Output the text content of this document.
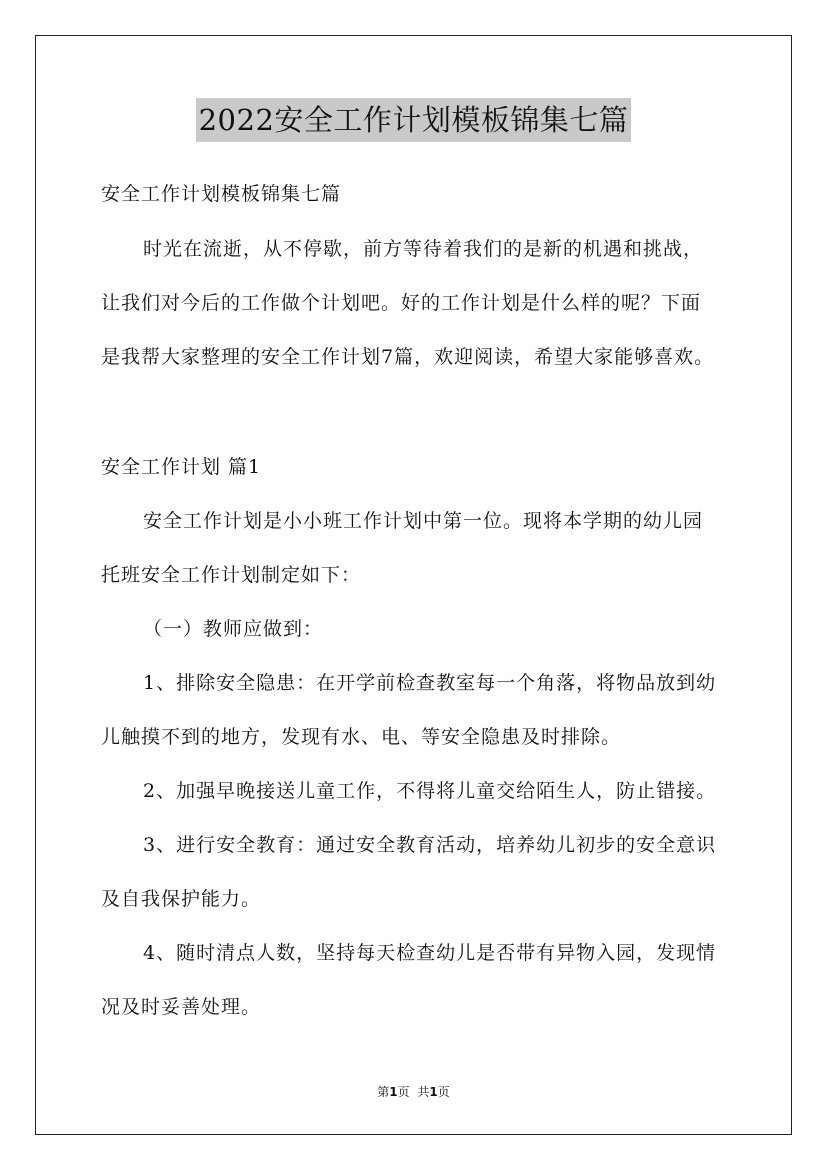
2022安全工作计划模板锦集七篇
安全工作计划模板锦集七篇
时光在流逝，从不停歇，前方等待着我们的是新的机遇和挑战，
让我们对今后的工作做个计划吧。好的工作计划是什么样的呢？下面
是我帮大家整理的安全工作计划7篇，欢迎阅读，希望大家能够喜欢。
安全工作计划 篇1
安全工作计划是小小班工作计划中第一位。现将本学期的幼儿园
托班安全工作计划制定如下：
（一）教师应做到：
1、排除安全隐患：在开学前检查教室每一个角落，将物品放到幼
儿触摸不到的地方，发现有水、电、等安全隐患及时排除。
2、加强早晚接送儿童工作，不得将儿童交给陌生人，防止错接。
3、进行安全教育：通过安全教育活动，培养幼儿初步的安全意识
及自我保护能力。
4、随时清点人数，坚持每天检查幼儿是否带有异物入园，发现情
况及时妥善处理。
第1页 共1页
